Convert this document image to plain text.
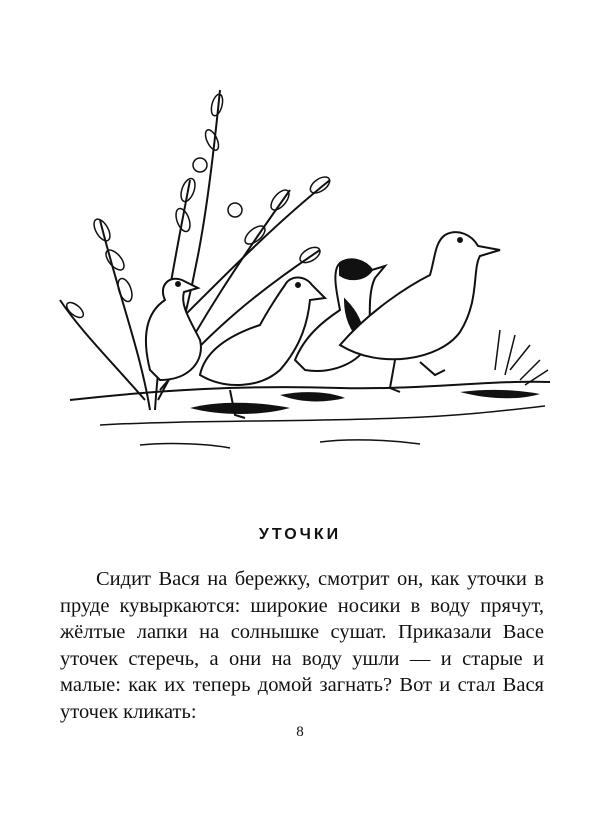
УТОЧКИ

Сидит Вася на бережку, смотрит он, как уточки в пруде кувыркаются: широкие носики в воду прячут, жёлтые лапки на солнышке сушат. Приказали Васе уточек стеречь, а они на воду ушли — и старые и малые: как их теперь домой загнать? Вот и стал Вася уточек кликать:

8
